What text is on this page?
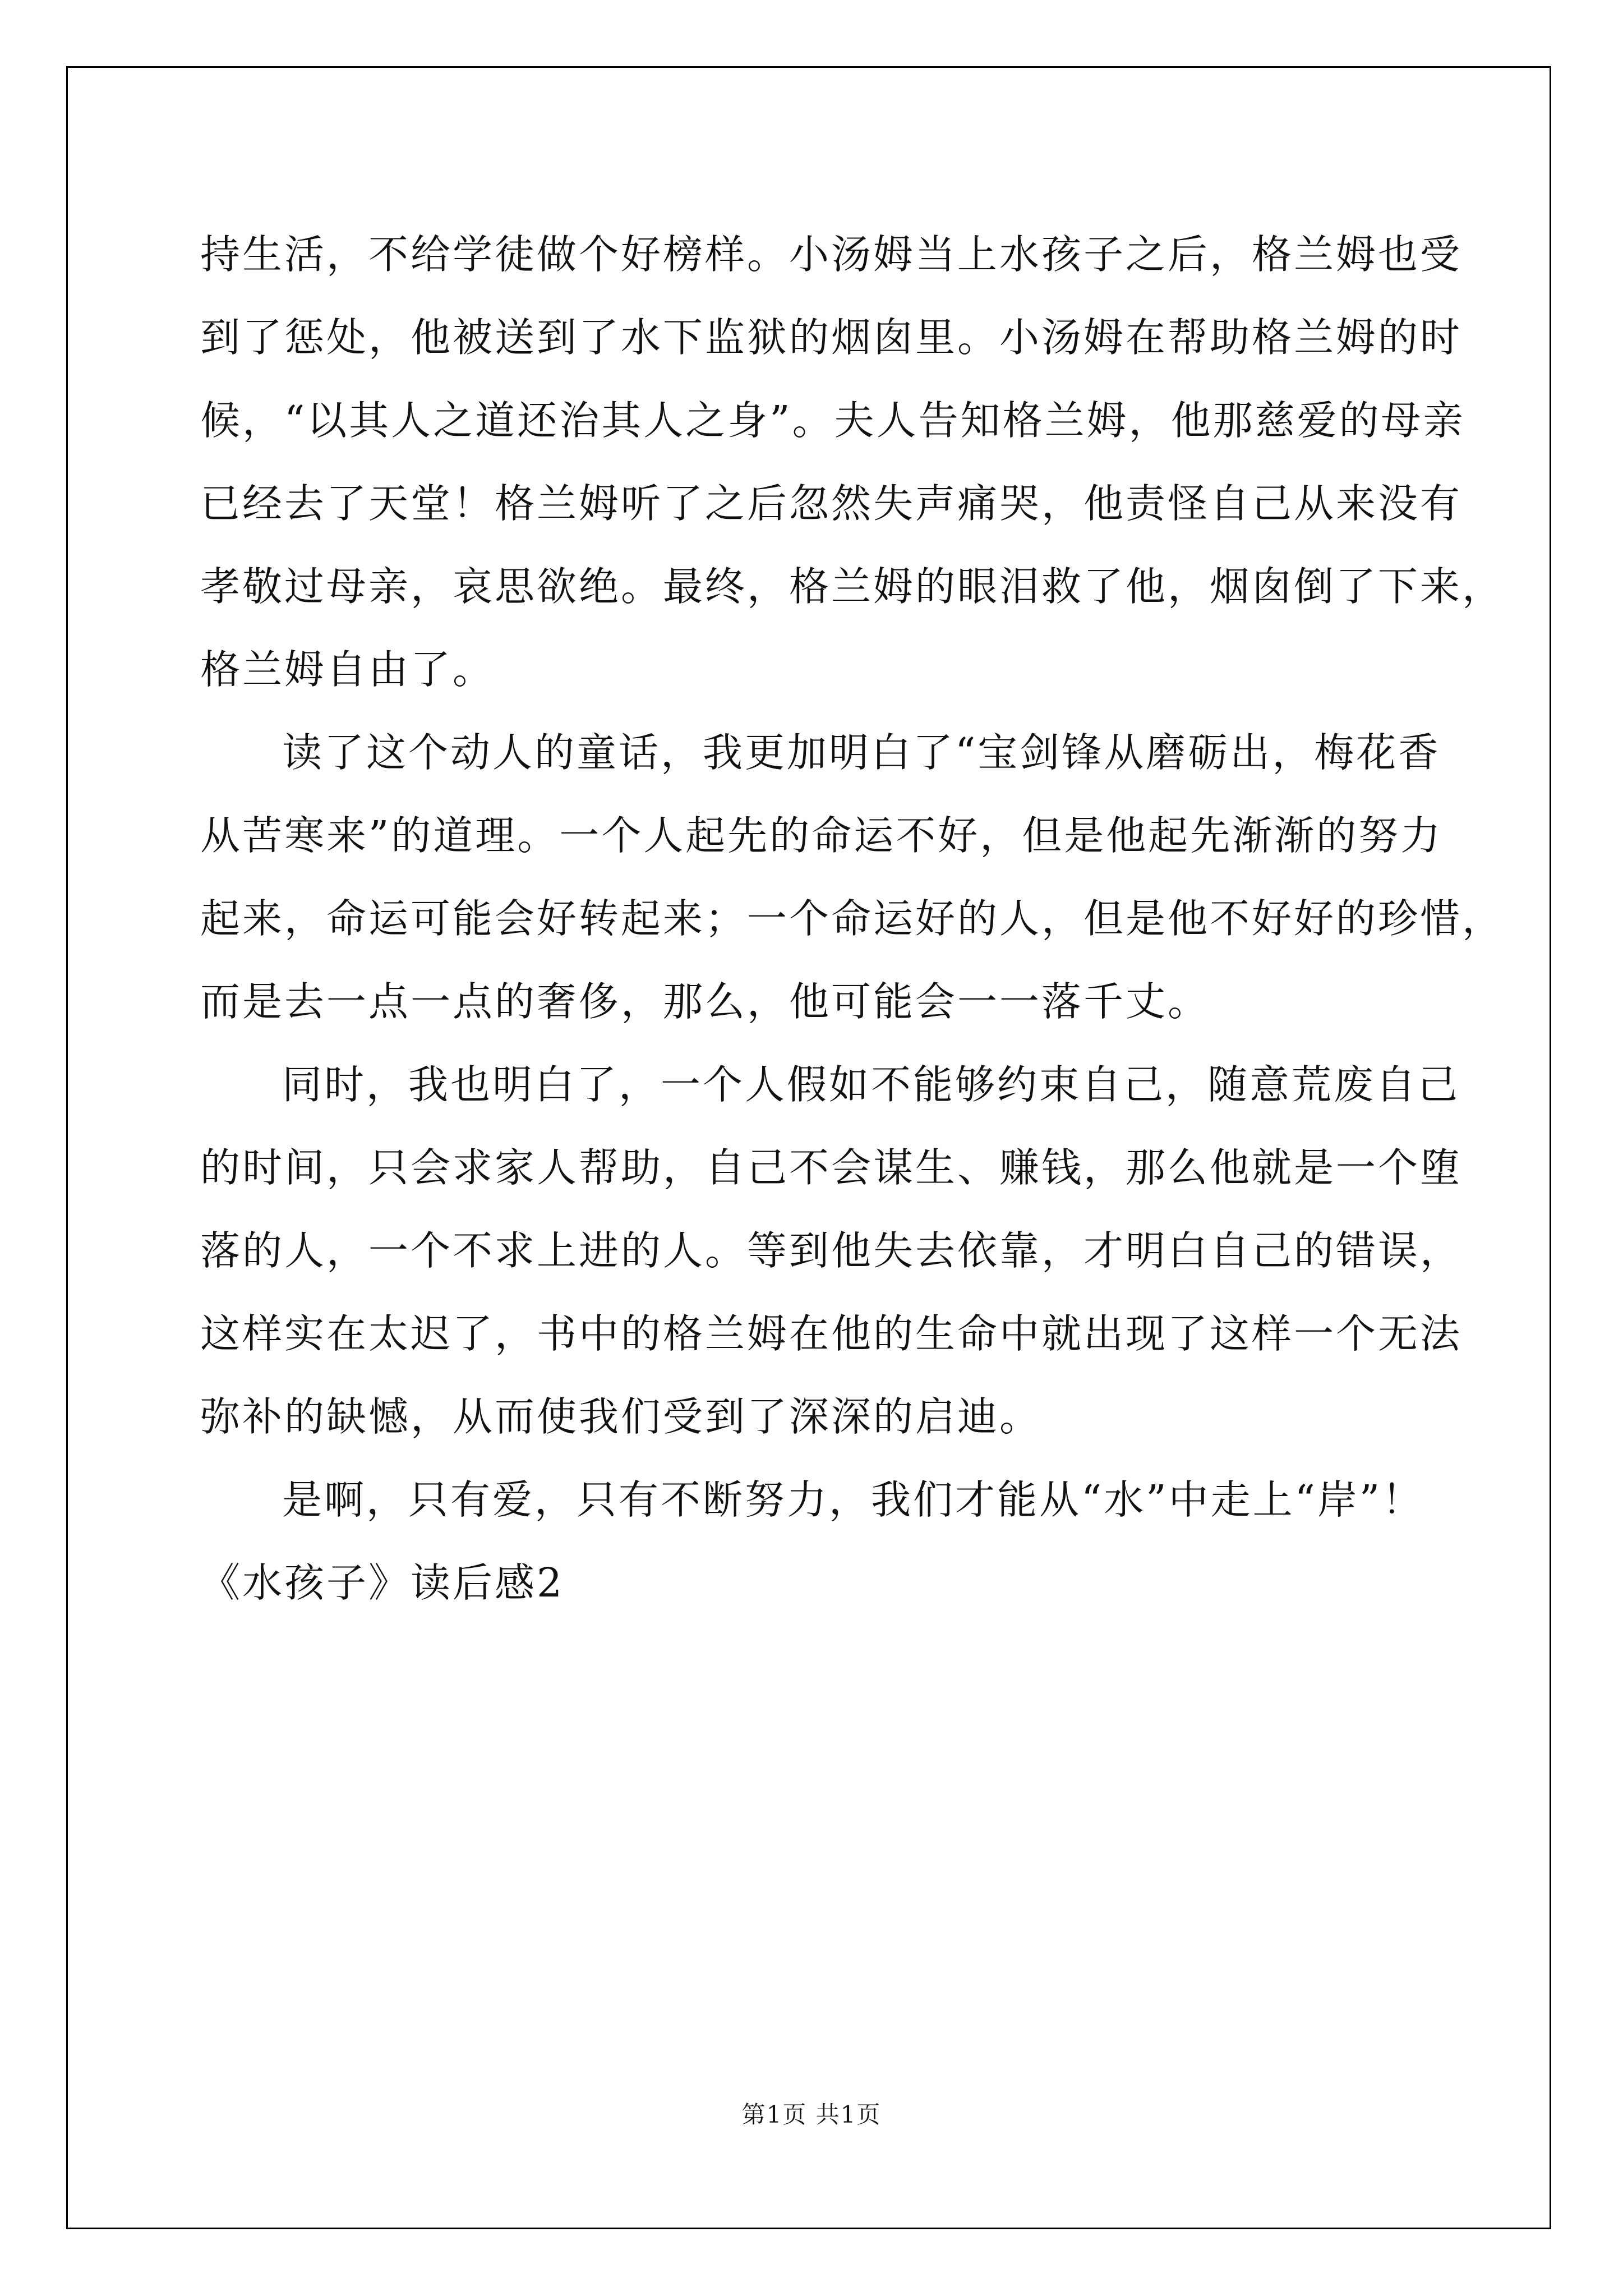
持生活，不给学徒做个好榜样。小汤姆当上水孩子之后，格兰姆也受
到了惩处，他被送到了水下监狱的烟囱里。小汤姆在帮助格兰姆的时
候，“以其人之道还治其人之身”。夫人告知格兰姆，他那慈爱的母亲
已经去了天堂！格兰姆听了之后忽然失声痛哭，他责怪自己从来没有
孝敬过母亲，哀思欲绝。最终，格兰姆的眼泪救了他，烟囱倒了下来，
格兰姆自由了。
读了这个动人的童话，我更加明白了“宝剑锋从磨砺出，梅花香
从苦寒来”的道理。一个人起先的命运不好，但是他起先渐渐的努力
起来，命运可能会好转起来；一个命运好的人，但是他不好好的珍惜，
而是去一点一点的奢侈，那么，他可能会一一落千丈。
同时，我也明白了，一个人假如不能够约束自己，随意荒废自己
的时间，只会求家人帮助，自己不会谋生、赚钱，那么他就是一个堕
落的人，一个不求上进的人。等到他失去依靠，才明白自己的错误，
这样实在太迟了，书中的格兰姆在他的生命中就出现了这样一个无法
弥补的缺憾，从而使我们受到了深深的启迪。
是啊，只有爱，只有不断努力，我们才能从“水”中走上“岸”！
《水孩子》读后感2
第1页 共1页
